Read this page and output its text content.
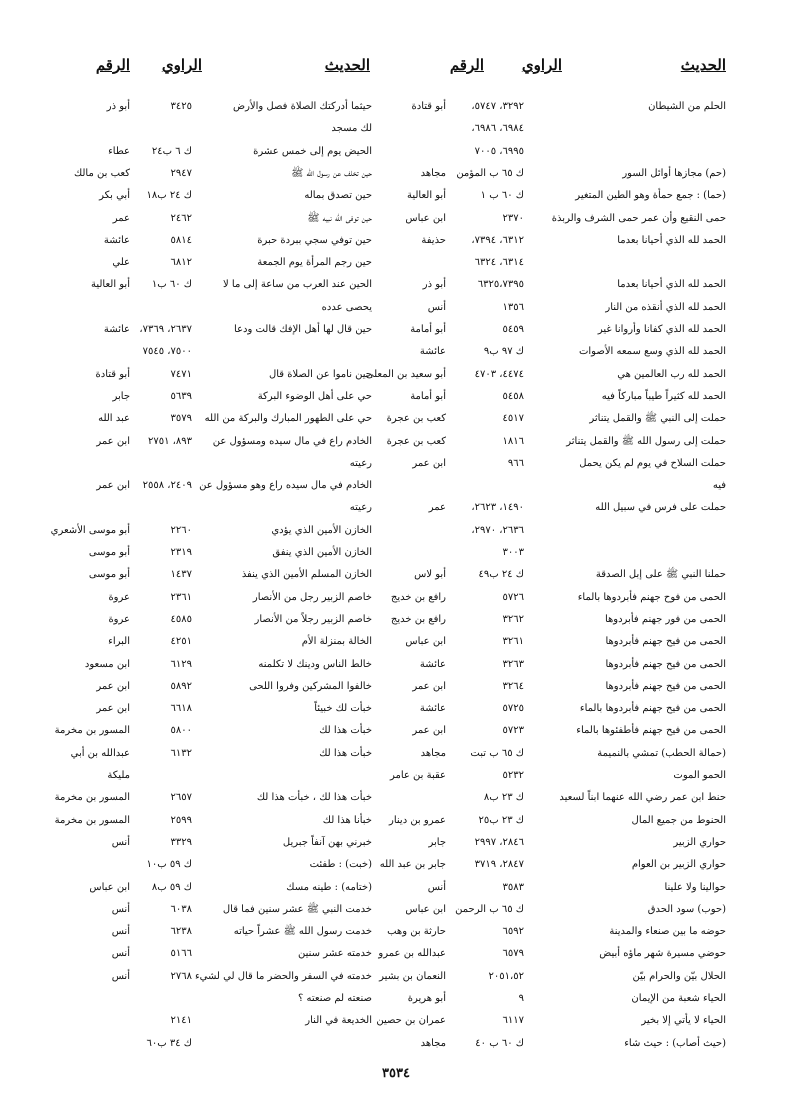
الحديث
الرقم	الراوي
الحديث
الراوي
الرقم
الحلم من الشيطان
٣٢٩٢، ٥٧٤٧،
أبو قتادة
٦٩٨٤، ٦٩٨٦،
٦٩٩٥، ٧٠٠٥
(حم) مجازها أوائل السور
ك ٦٥ ب المؤمن
مجاهد
(حما) : جمع حمأة وهو الطين المتغير
ك ٦٠ ب ١
أبو العالية
حمى النقيع وأن عمر حمى الشرف والربذة
٢٣٧٠
ابن عباس
الحمد لله الذي أحيانا بعدما
٦٣١٢، ٧٣٩٤،
حذيفة
٦٣١٤، ٦٣٢٤
الحمد لله الذي أحيانا بعدما
٦٣٢٥،٧٣٩٥
أبو ذر
الحمد لله الذي أنقذه من النار
١٣٥٦
أنس
الحمد لله الذي كفانا وأروانا غير
٥٤٥٩
أبو أمامة
الحمد لله الذي وسع سمعه الأصوات
ك ٩٧ ب٩
عائشة
الحمد لله رب العالمين هي
٤٤٧٤، ٤٧٠٣
أبو سعيد بن المعلى
الحمد لله كثيراً طيباً مباركاً فيه
٥٤٥٨
أبو أمامة
حملت إلى النبي ﷺ والقمل يتناثر
٤٥١٧
كعب بن عجرة
حملت إلى رسول الله ﷺ والقمل يتناثر
١٨١٦
كعب بن عجرة
حملت السلاح في يوم لم يكن يحمل
٩٦٦
ابن عمر
فيه
حملت على فرس في سبيل الله
١٤٩٠، ٢٦٢٣،
عمر
٢٦٣٦، ٢٩٧٠،
٣٠٠٣
حملنا النبي ﷺ على إبل الصدقة
ك ٢٤ ب٤٩
أبو لاس
الحمى من فوح جهنم فأبردوها بالماء
٥٧٢٦
رافع بن خديج
الحمى من فور جهنم فأبردوها
٣٢٦٢
رافع بن خديج
الحمى من فيح جهنم فأبردوها
٣٢٦١
ابن عباس
الحمى من فيح جهنم فأبردوها
٣٢٦٣
عائشة
الحمى من فيح جهنم فأبردوها
٣٢٦٤
ابن عمر
الحمى من فيح جهنم فأبردوها بالماء
٥٧٢٥
عائشة
الحمى من فيح جهنم فأطفئوها بالماء
٥٧٢٣
ابن عمر
(حمالة الحطب) تمشي بالنميمة
ك ٦٥ ب تبت
مجاهد
الحمو الموت
٥٢٣٢
عقبة بن عامر
حنط ابن عمر رضي الله عنهما ابناً لسعيد
ك ٢٣ ب٨
الحنوط من جميع المال
ك ٢٣ ب٢٥
عمرو بن دينار
حواري الزبير
٢٨٤٦، ٢٩٩٧
جابر
حواري الزبير بن العوام
٢٨٤٧، ٣٧١٩
جابر بن عبد الله
حوالينا ولا علينا
٣٥٨٣
أنس
(حوب) سود الحدق
ك ٦٥ ب الرحمن
ابن عباس
حوضه ما بين صنعاء والمدينة
٦٥٩٢
حارثة بن وهب
حوضي مسيرة شهر ماؤه أبيض
٦٥٧٩
عبدالله بن عمرو
الحلال بيّن والحرام بيّن
٢٠٥١،٥٢
النعمان بن بشير
الحياء شعبة من الإيمان
٩
أبو هريرة
الحياء لا يأتي إلا بخير
٦١١٧
عمران بن حصين
(حيث أصاب) : حيث شاء
ك ٦٠ ب ٤٠
مجاهد
حيثما أدركتك الصلاة فصل والأرض
٣٤٢٥
أبو ذر
لك مسجد
الحيض يوم إلى خمس عشرة
ك ٦ ب٢٤
عطاء
حين تخلف عن رسول الله ﷺ
٢٩٤٧
كعب بن مالك
حين تصدق بماله
ك ٢٤ ب١٨
أبي بكر
حين توفى الله نبيه ﷺ
٢٤٦٢
عمر
حين توفي سجي ببردة حبرة
٥٨١٤
عائشة
حين رجم المرأة يوم الجمعة
٦٨١٢
علي
الحين عند العرب من ساعة إلى ما لا
ك ٦٠ ب١
أبو العالية
يحصى عدده
حين قال لها أهل الإفك قالت ودعا
٢٦٣٧، ٧٣٦٩،
عائشة
٧٥٠٠، ٧٥٤٥
حين ناموا عن الصلاة قال
٧٤٧١
أبو قتادة
حي على أهل الوضوء البركة
٥٦٣٩
جابر
حي على الطهور المبارك والبركة من الله
٣٥٧٩
عبد الله
الخادم راع في مال سيده ومسؤول عن
٨٩٣، ٢٧٥١
ابن عمر
رعيته
الخادم في مال سيده راع وهو مسؤول عن
٢٤٠٩، ٢٥٥٨
ابن عمر
رعيته
الخازن الأمين الذي يؤدي
٢٢٦٠
أبو موسى الأشعري
الخازن الأمين الذي ينفق
٢٣١٩
أبو موسى
الخازن المسلم الأمين الذي ينفذ
١٤٣٧
أبو موسى
خاصم الزبير رجل من الأنصار
٢٣٦١
عروة
خاصم الزبير رجلاً من الأنصار
٤٥٨٥
عروة
الخالة بمنزلة الأم
٤٢٥١
البراء
خالط الناس ودينك لا تكلمنه
٦١٢٩
ابن مسعود
خالفوا المشركين وفروا اللحى
٥٨٩٢
ابن عمر
خبأت لك خبيئاً
٦٦١٨
ابن عمر
خبأت هذا لك
٥٨٠٠
المسور بن مخرمة
خبأت هذا لك
٦١٣٢
عبدالله بن أبي
مليكة
خبأت هذا لك ، خبأت هذا لك
٢٦٥٧
المسور بن مخرمة
خبأنا هذا لك
٢٥٩٩
المسور بن مخرمة
خبرني بهن آنفاً جبريل
٣٣٢٩
أنس
(خبت) : طفئت
ك ٥٩ ب١٠
(ختامه) : طينه مسك
ك ٥٩ ب٨
ابن عباس
خدمت النبي ﷺ عشر سنين فما قال
٦٠٣٨
أنس
خدمت رسول الله ﷺ عشراً حياته
٦٢٣٨
أنس
خدمته عشر سنين
٥١٦٦
أنس
خدمته في السفر والحضر ما قال لي لشيء
٢٧٦٨
أنس
صنعته لم صنعته ؟
الخديعة في النار
٢١٤١
ك ٣٤ ب٦٠
٣٥٣٤
